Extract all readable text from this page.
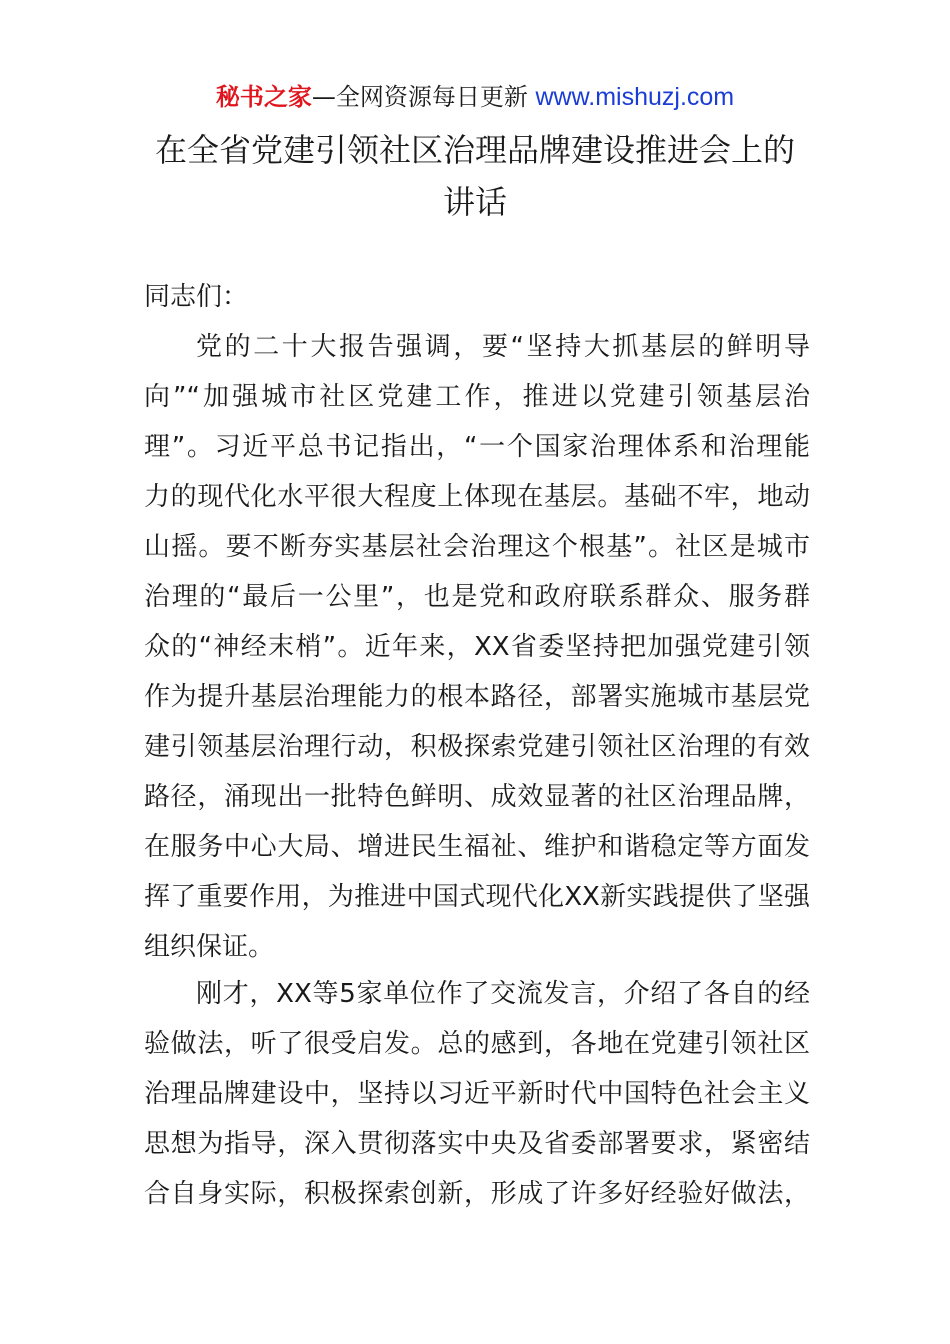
秘书之家—全网资源每日更新 www.mishuzj.com
在全省党建引领社区治理品牌建设推进会上的
讲话
同志们：
党的二十大报告强调，要“坚持大抓基层的鲜明导
向”“加强城市社区党建工作，推进以党建引领基层治
理”。习近平总书记指出，“一个国家治理体系和治理能
力的现代化水平很大程度上体现在基层。基础不牢，地动
山摇。要不断夯实基层社会治理这个根基”。社区是城市
治理的“最后一公里”，也是党和政府联系群众、服务群
众的“神经末梢”。近年来，XX省委坚持把加强党建引领
作为提升基层治理能力的根本路径，部署实施城市基层党
建引领基层治理行动，积极探索党建引领社区治理的有效
路径，涌现出一批特色鲜明、成效显著的社区治理品牌，
在服务中心大局、增进民生福祉、维护和谐稳定等方面发
挥了重要作用，为推进中国式现代化XX新实践提供了坚强
组织保证。
刚才，XX等5家单位作了交流发言，介绍了各自的经
验做法，听了很受启发。总的感到，各地在党建引领社区
治理品牌建设中，坚持以习近平新时代中国特色社会主义
思想为指导，深入贯彻落实中央及省委部署要求，紧密结
合自身实际，积极探索创新，形成了许多好经验好做法，
